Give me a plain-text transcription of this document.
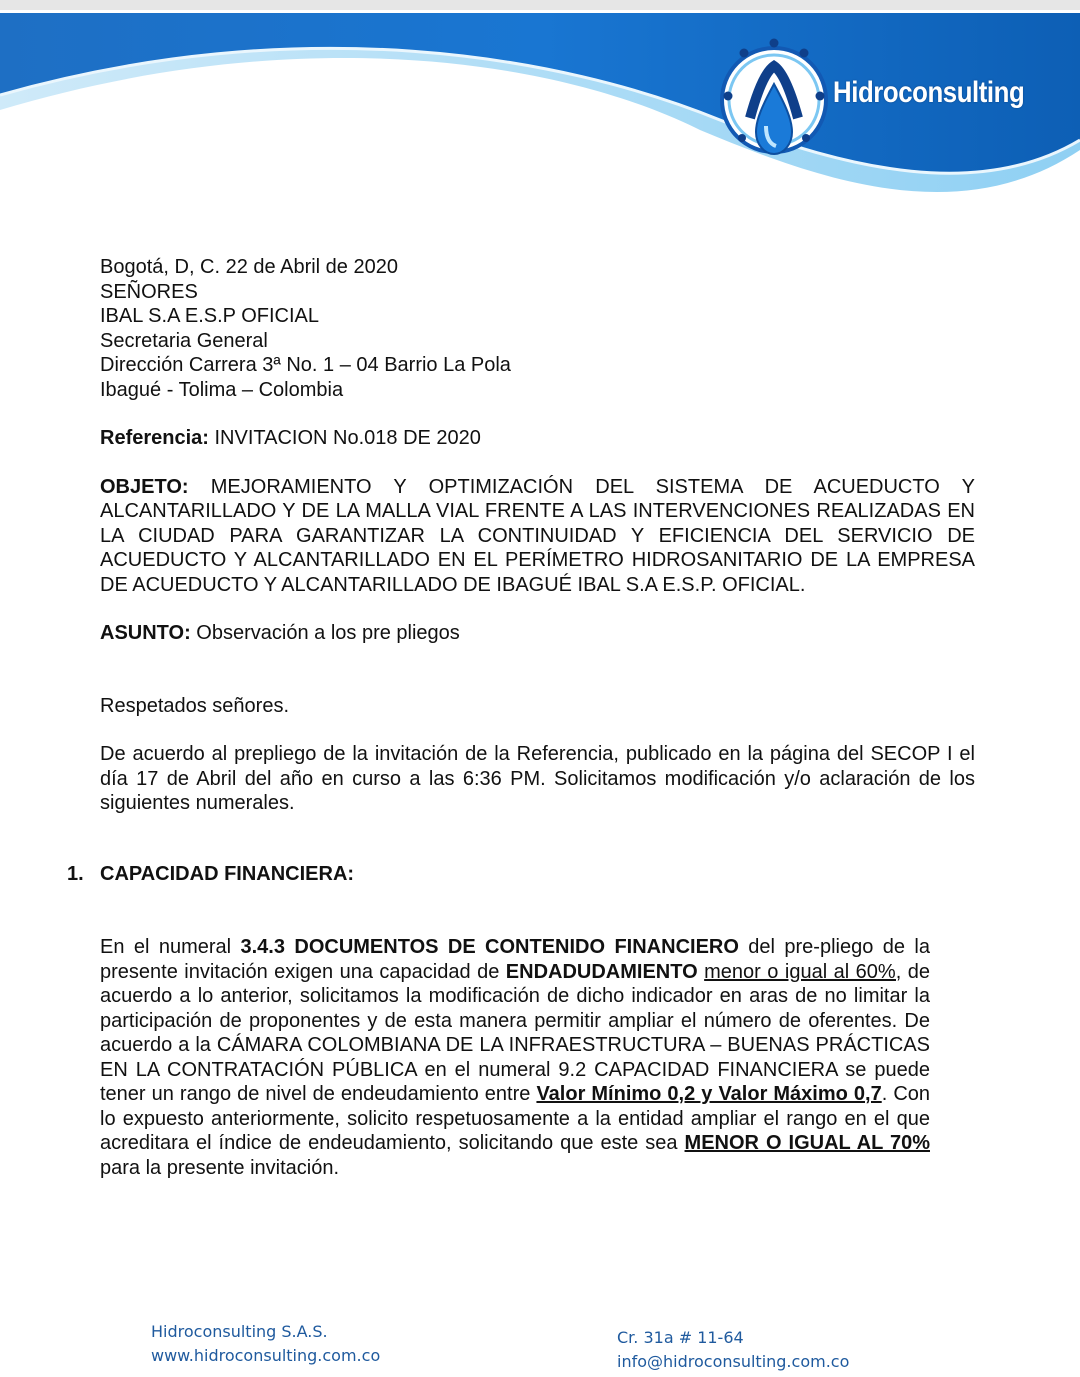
Hidroconsulting
Bogotá, D, C. 22 de Abril de 2020
SEÑORES
IBAL S.A E.S.P OFICIAL
Secretaria General
Dirección Carrera 3ª No. 1 – 04 Barrio La Pola
Ibagué - Tolima – Colombia

Referencia: INVITACION No.018 DE 2020

OBJETO: MEJORAMIENTO Y OPTIMIZACIÓN DEL SISTEMA DE ACUEDUCTO Y ALCANTARILLADO Y DE LA MALLA VIAL FRENTE A LAS INTERVENCIONES REALIZADAS EN LA CIUDAD PARA GARANTIZAR LA CONTINUIDAD Y EFICIENCIA DEL SERVICIO DE ACUEDUCTO Y ALCANTARILLADO EN EL PERÍMETRO HIDROSANITARIO DE LA EMPRESA DE ACUEDUCTO Y ALCANTARILLADO DE IBAGUÉ IBAL S.A E.S.P. OFICIAL.

ASUNTO: Observación a los pre pliegos

Respetados señores.

De acuerdo al prepliego de la invitación de la Referencia, publicado en la página del SECOP I el día 17 de Abril del año en curso a las 6:36 PM. Solicitamos modificación y/o aclaración de los siguientes numerales.

1. CAPACIDAD FINANCIERA:

En el numeral 3.4.3 DOCUMENTOS DE CONTENIDO FINANCIERO del pre-pliego de la presente invitación exigen una capacidad de ENDADUDAMIENTO menor o igual al 60%, de acuerdo a lo anterior, solicitamos la modificación de dicho indicador en aras de no limitar la participación de proponentes y de esta manera permitir ampliar el número de oferentes. De acuerdo a la CÁMARA COLOMBIANA DE LA INFRAESTRUCTURA – BUENAS PRÁCTICAS EN LA CONTRATACIÓN PÚBLICA en el numeral 9.2 CAPACIDAD FINANCIERA se puede tener un rango de nivel de endeudamiento entre Valor Mínimo 0,2 y Valor Máximo 0,7. Con lo expuesto anteriormente, solicito respetuosamente a la entidad ampliar el rango en el que acreditara el índice de endeudamiento, solicitando que este sea MENOR O IGUAL AL 70% para la presente invitación.

Hidroconsulting S.A.S.
www.hidroconsulting.com.co
Cr. 31a # 11-64
info@hidroconsulting.com.co
